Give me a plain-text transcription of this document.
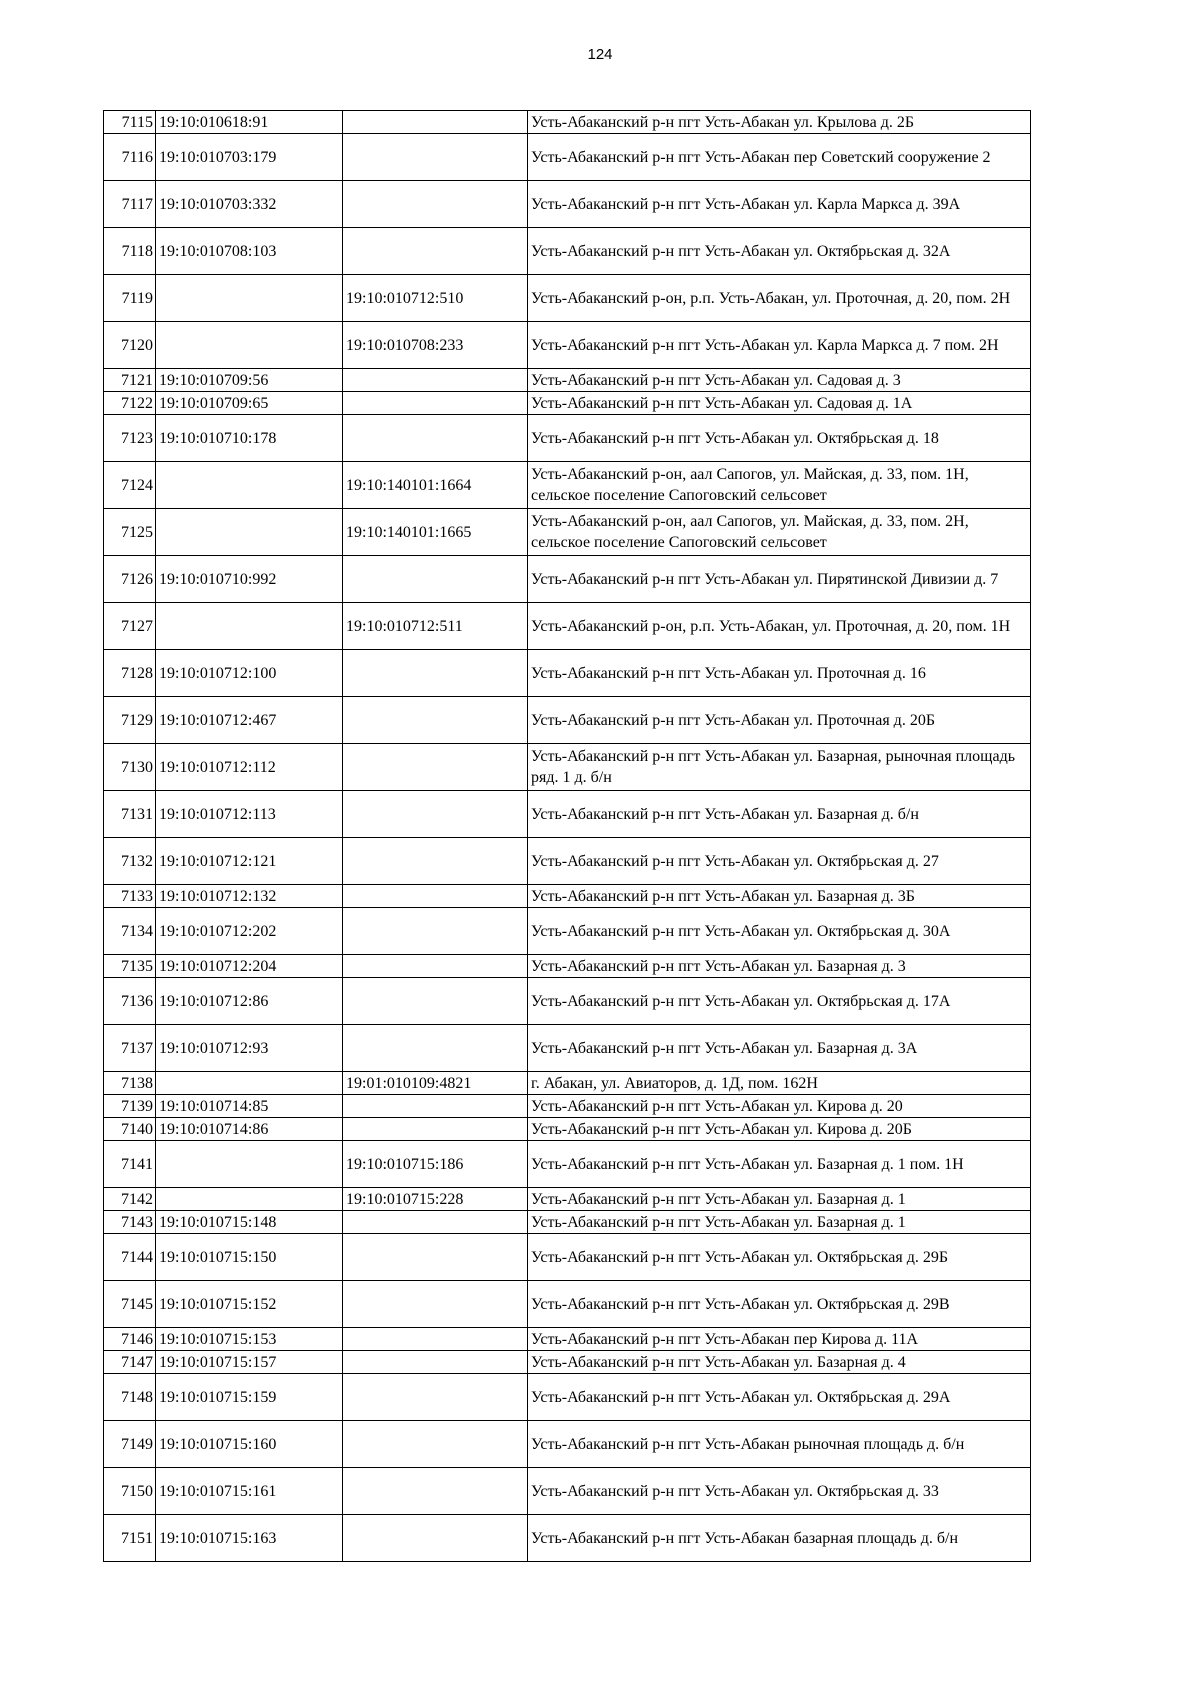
124
7115	19:10:010618:91		Усть-Абаканский р-н пгт Усть-Абакан ул. Крылова д. 2Б
7116	19:10:010703:179		Усть-Абаканский р-н пгт Усть-Абакан пер Советский сооружение 2
7117	19:10:010703:332		Усть-Абаканский р-н пгт Усть-Абакан ул. Карла Маркса д. 39А
7118	19:10:010708:103		Усть-Абаканский р-н пгт Усть-Абакан ул. Октябрьская д. 32А
7119		19:10:010712:510	Усть-Абаканский р-он, р.п. Усть-Абакан, ул. Проточная, д. 20, пом. 2Н
7120		19:10:010708:233	Усть-Абаканский р-н пгт Усть-Абакан ул. Карла Маркса д. 7 пом. 2Н
7121	19:10:010709:56		Усть-Абаканский р-н пгт Усть-Абакан ул. Садовая д. 3
7122	19:10:010709:65		Усть-Абаканский р-н пгт Усть-Абакан ул. Садовая д. 1А
7123	19:10:010710:178		Усть-Абаканский р-н пгт Усть-Абакан ул. Октябрьская д. 18
7124		19:10:140101:1664	Усть-Абаканский р-он, аал Сапогов, ул. Майская, д. 33, пом. 1Н, сельское поселение Сапоговский сельсовет
7125		19:10:140101:1665	Усть-Абаканский р-он, аал Сапогов, ул. Майская, д. 33, пом. 2Н, сельское поселение Сапоговский сельсовет
7126	19:10:010710:992		Усть-Абаканский р-н пгт Усть-Абакан ул. Пирятинской Дивизии д. 7
7127		19:10:010712:511	Усть-Абаканский р-он, р.п. Усть-Абакан, ул. Проточная, д. 20, пом. 1Н
7128	19:10:010712:100		Усть-Абаканский р-н пгт Усть-Абакан ул. Проточная д. 16
7129	19:10:010712:467		Усть-Абаканский р-н пгт Усть-Абакан ул. Проточная д. 20Б
7130	19:10:010712:112		Усть-Абаканский р-н пгт Усть-Абакан ул. Базарная, рыночная площадь ряд. 1 д. б/н
7131	19:10:010712:113		Усть-Абаканский р-н пгт Усть-Абакан ул. Базарная д. б/н
7132	19:10:010712:121		Усть-Абаканский р-н пгт Усть-Абакан ул. Октябрьская д. 27
7133	19:10:010712:132		Усть-Абаканский р-н пгт Усть-Абакан ул. Базарная д. 3Б
7134	19:10:010712:202		Усть-Абаканский р-н пгт Усть-Абакан ул. Октябрьская д. 30А
7135	19:10:010712:204		Усть-Абаканский р-н пгт Усть-Абакан ул. Базарная д. 3
7136	19:10:010712:86		Усть-Абаканский р-н пгт Усть-Абакан ул. Октябрьская д. 17А
7137	19:10:010712:93		Усть-Абаканский р-н пгт Усть-Абакан ул. Базарная д. 3А
7138		19:01:010109:4821	г. Абакан, ул. Авиаторов, д. 1Д, пом. 162Н
7139	19:10:010714:85		Усть-Абаканский р-н пгт Усть-Абакан ул. Кирова д. 20
7140	19:10:010714:86		Усть-Абаканский р-н пгт Усть-Абакан ул. Кирова д. 20Б
7141		19:10:010715:186	Усть-Абаканский р-н пгт Усть-Абакан ул. Базарная д. 1 пом. 1Н
7142		19:10:010715:228	Усть-Абаканский р-н пгт Усть-Абакан ул. Базарная д. 1
7143	19:10:010715:148		Усть-Абаканский р-н пгт Усть-Абакан ул. Базарная д. 1
7144	19:10:010715:150		Усть-Абаканский р-н пгт Усть-Абакан ул. Октябрьская д. 29Б
7145	19:10:010715:152		Усть-Абаканский р-н пгт Усть-Абакан ул. Октябрьская д. 29В
7146	19:10:010715:153		Усть-Абаканский р-н пгт Усть-Абакан пер Кирова д. 11А
7147	19:10:010715:157		Усть-Абаканский р-н пгт Усть-Абакан ул. Базарная д. 4
7148	19:10:010715:159		Усть-Абаканский р-н пгт Усть-Абакан ул. Октябрьская д. 29А
7149	19:10:010715:160		Усть-Абаканский р-н пгт Усть-Абакан рыночная площадь д. б/н
7150	19:10:010715:161		Усть-Абаканский р-н пгт Усть-Абакан ул. Октябрьская д. 33
7151	19:10:010715:163		Усть-Абаканский р-н пгт Усть-Абакан базарная площадь д. б/н
